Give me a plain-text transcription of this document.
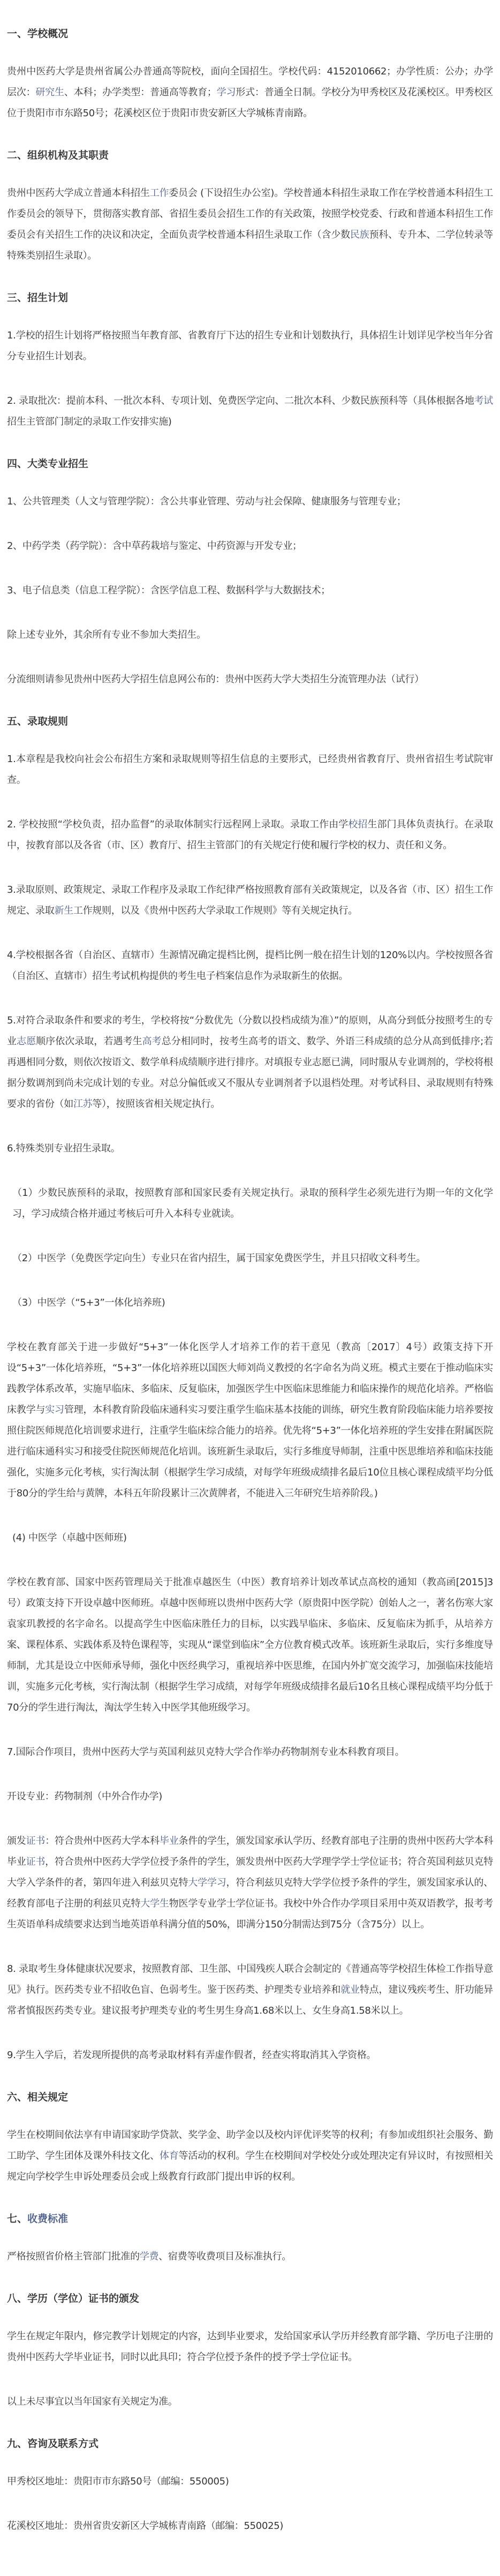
一、学校概况

贵州中医药大学是贵州省属公办普通高等院校，面向全国招生。学校代码：4152010662；办学性质：公办；办学层次：研究生、本科；办学类型：普通高等教育；学习形式：普通全日制。学校分为甲秀校区及花溪校区。甲秀校区位于贵阳市市东路50号；花溪校区位于贵阳市贵安新区大学城栋青南路。

二、组织机构及其职责

贵州中医药大学成立普通本科招生工作委员会 (下设招生办公室)。学校普通本科招生录取工作在学校普通本科招生工作委员会的领导下，贯彻落实教育部、省招生委员会招生工作的有关政策，按照学校党委、行政和普通本科招生工作委员会有关招生工作的决议和决定，全面负责学校普通本科招生录取工作（含少数民族预科、专升本、二学位转录等特殊类别招生录取）。

三、招生计划

1.学校的招生计划将严格按照当年教育部、省教育厅下达的招生专业和计划数执行，具体招生计划详见学校当年分省分专业招生计划表。

2. 录取批次：提前本科、一批次本科、专项计划、免费医学定向、二批次本科、少数民族预科等（具体根据各地考试招生主管部门制定的录取工作安排实施)

四、大类专业招生

1、公共管理类（人文与管理学院）：含公共事业管理、劳动与社会保障、健康服务与管理专业；

2、中药学类（药学院）：含中草药栽培与鉴定、中药资源与开发专业；

3、电子信息类（信息工程学院）：含医学信息工程、数据科学与大数据技术；

除上述专业外，其余所有专业不参加大类招生。

分流细则请参见贵州中医药大学招生信息网公布的：贵州中医药大学大类招生分流管理办法（试行）

五、录取规则

1.本章程是我校向社会公布招生方案和录取规则等招生信息的主要形式，已经贵州省教育厅、贵州省招生考试院审查。

2. 学校按照“学校负责，招办监督”的录取体制实行远程网上录取。录取工作由学校招生部门具体负责执行。在录取中，按教育部以及各省（市、区）教育厅、招生主管部门的有关规定行使和履行学校的权力、责任和义务。

3.录取原则、政策规定、录取工作程序及录取工作纪律严格按照教育部有关政策规定，以及各省（市、区）招生工作规定、录取新生工作规则，以及《贵州中医药大学录取工作规则》等有关规定执行。

4.学校根据各省（自治区、直辖市）生源情况确定提档比例，提档比例一般在招生计划的120%以内。学校按照各省（自治区、直辖市）招生考试机构提供的考生电子档案信息作为录取新生的依据。

5.对符合录取条件和要求的考生，学校将按“分数优先（分数以投档成绩为准）”的原则，从高分到低分按照考生的专业志愿顺序依次录取，若遇考生高考总分相同时，按考生高考的语文、数学、外语三科成绩的总分从高到低排序;若再遇相同分数，则依次按语文、数学单科成绩顺序进行排序。对填报专业志愿已满，同时服从专业调剂的，学校将根据分数调剂到尚未完成计划的专业。对总分偏低或又不服从专业调剂者予以退档处理。对考试科目、录取规则有特殊要求的省份（如江苏等），按照该省相关规定执行。

6.特殊类别专业招生录取。

（1）少数民族预科的录取，按照教育部和国家民委有关规定执行。录取的预科学生必须先进行为期一年的文化学习，学习成绩合格并通过考核后可升入本科专业就读。

（2）中医学（免费医学定向生）专业只在省内招生，属于国家免费医学生，并且只招收文科考生。

（3）中医学（“5+3”一体化培养班)

学校在教育部关于进一步做好“5+3”一体化医学人才培养工作的若干意见（教高〔2017〕4号）政策支持下开设“5+3”一体化培养班，“5+3”一体化培养班以国医大师刘尚义教授的名字命名为尚义班。模式主要在于推动临床实践教学体系改革，实施早临床、多临床、反复临床，加强医学生中医临床思维能力和临床操作的规范化培养。严格临床教学与实习管理，本科教育阶段临床通科实习要注重学生临床基本技能的训练，研究生教育阶段临床能力培养要按照住院医师规范化培训要求进行，注重学生临床综合能力的培养。优先将“5+3”一体化培养班的学生安排在附属医院进行临床通科实习和接受住院医师规范化培训。该班新生录取后，实行多维度导师制，注重中医思维培养和临床技能强化，实施多元化考核，实行淘汰制（根据学生学习成绩，对每学年班级成绩排名最后10位且核心课程成绩平均分低于80分的学生给与黄牌，本科五年阶段累计三次黄牌者，不能进入三年研究生培养阶段。)

(4) 中医学（卓越中医师班)

学校在教育部、国家中医药管理局关于批准卓越医生（中医）教育培养计划改革试点高校的通知（教高函[2015]3号）政策支持下开设卓越中医师班。卓越中医师班以贵州中医药大学（原贵阳中医学院）创始人之一，著名伤寒大家袁家玑教授的名字命名。以提高学生中医临床胜任力的目标，以实践早临床、多临床、反复临床为抓手，从培养方案、课程体系、实践体系及特色课程等，实现从“课堂到临床”全方位教育模式改革。该班新生录取后，实行多维度导师制，尤其是设立中医师承导师，强化中医经典学习，重视培养中医思维，在国内外扩宽交流学习，加强临床技能培训，实施多元化考核，实行淘汰制（根据学生学习成绩，对每学年班级成绩排名最后10名且核心课程成绩平均分低于70分的学生进行淘汰，淘汰学生转入中医学其他班级学习。

7.国际合作项目，贵州中医药大学与英国利兹贝克特大学合作举办药物制剂专业本科教育项目。

开设专业：药物制剂（中外合作办学)

颁发证书：符合贵州中医药大学本科毕业条件的学生，颁发国家承认学历、经教育部电子注册的贵州中医药大学本科毕业证书，符合贵州中医药大学学位授予条件的学生，颁发贵州中医药大学理学学士学位证书；符合英国利兹贝克特大学入学条件的者，第四年进入利兹贝克特大学学习，符合利兹贝克特大学学位授予条件的学生，颁发国家承认的、经教育部电子注册的利兹贝克特大学生物医学专业学士学位证书。我校中外合作办学项目采用中英双语教学，报考考生英语单科成绩要求达到当地英语单科满分值的50%，即满分150分制需达到75分（含75分）以上。

8. 录取考生身体健康状况要求，按照教育部、卫生部、中国残疾人联合会制定的《普通高等学校招生体检工作指导意见》执行。医药类专业不招收色盲、色弱考生。鉴于医药类、护理类专业培养和就业特点，建议残疾考生、肝功能异常者慎报医药类专业。建议报考护理类专业的考生男生身高1.68米以上、女生身高1.58米以上。

9.学生入学后，若发现所提供的高考录取材料有弄虚作假者，经查实将取消其入学资格。

六、相关规定

学生在校期间依法享有申请国家助学贷款、奖学金、助学金以及校内评优评奖等的权利；有参加或组织社会服务、勤工助学、学生团体及课外科技文化、体育等活动的权利。学生在校期间对学校处分或处理决定有异议时，有按照相关规定向学校学生申诉处理委员会或上级教育行政部门提出申诉的权利。

七、收费标准

严格按照省价格主管部门批准的学费、宿费等收费项目及标准执行。

八、学历（学位）证书的颁发

学生在规定年限内，修完教学计划规定的内容，达到毕业要求，发给国家承认学历并经教育部学籍、学历电子注册的贵州中医药大学毕业证书，同时以此具印；符合学位授予条件的授予学士学位证书。

以上未尽事宜以当年国家有关规定为准。

九、咨询及联系方式

甲秀校区地址：贵阳市市东路50号（邮编：550005)

花溪校区地址：贵州省贵安新区大学城栋青南路（邮编：550025)
